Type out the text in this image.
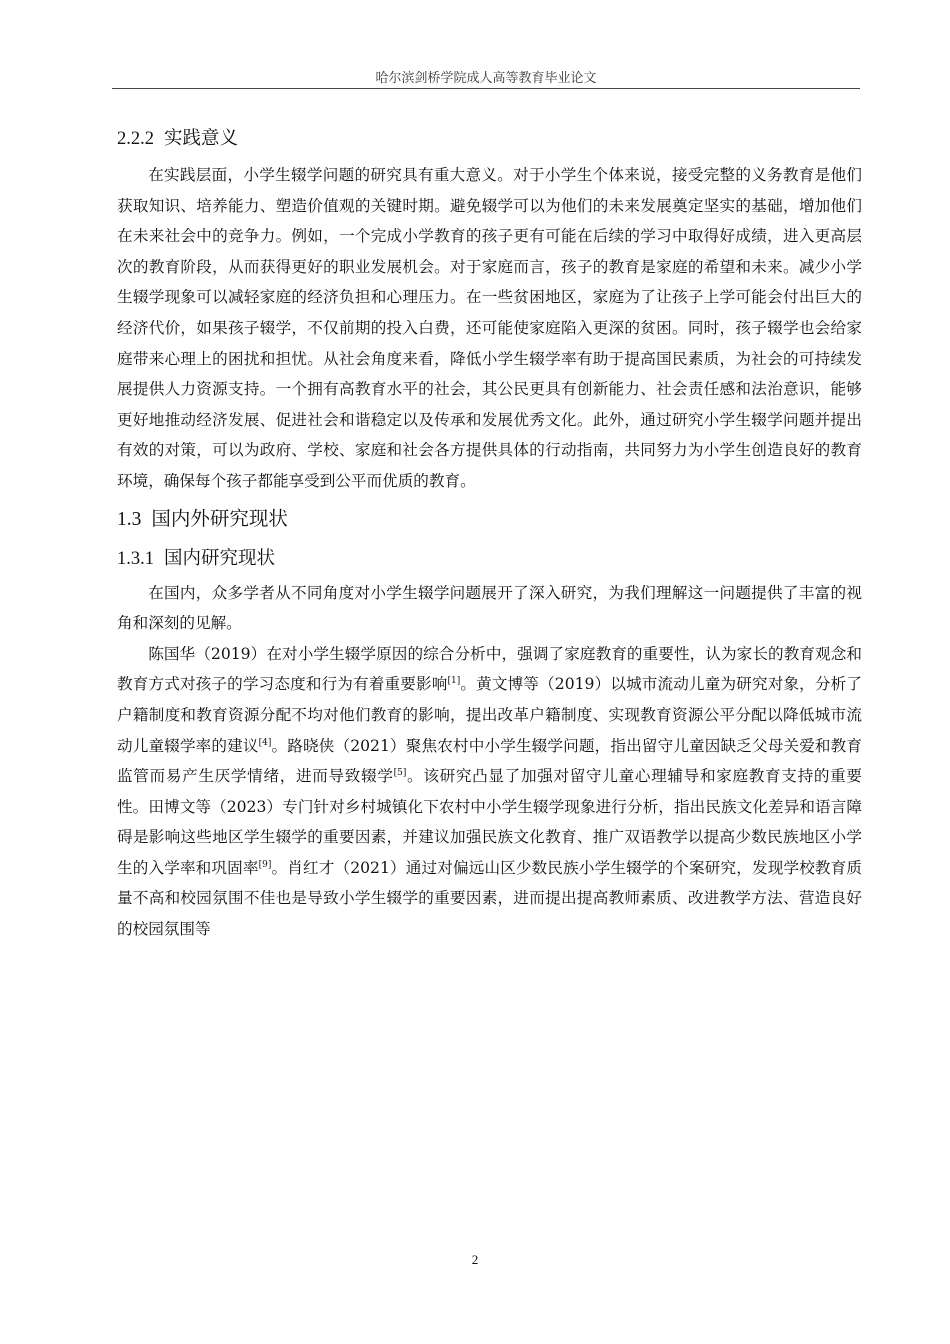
哈尔滨剑桥学院成人高等教育毕业论文
2.2.2 实践意义

在实践层面，小学生辍学问题的研究具有重大意义。对于小学生个体来说，接受完整的义务教育是他们获取知识、培养能力、塑造价值观的关键时期。避免辍学可以为他们的未来发展奠定坚实的基础，增加他们在未来社会中的竞争力。例如，一个完成小学教育的孩子更有可能在后续的学习中取得好成绩，进入更高层次的教育阶段，从而获得更好的职业发展机会。对于家庭而言，孩子的教育是家庭的希望和未来。减少小学生辍学现象可以减轻家庭的经济负担和心理压力。在一些贫困地区，家庭为了让孩子上学可能会付出巨大的经济代价，如果孩子辍学，不仅前期的投入白费，还可能使家庭陷入更深的贫困。同时，孩子辍学也会给家庭带来心理上的困扰和担忧。从社会角度来看，降低小学生辍学率有助于提高国民素质，为社会的可持续发展提供人力资源支持。一个拥有高教育水平的社会，其公民更具有创新能力、社会责任感和法治意识，能够更好地推动经济发展、促进社会和谐稳定以及传承和发展优秀文化。此外，通过研究小学生辍学问题并提出有效的对策，可以为政府、学校、家庭和社会各方提供具体的行动指南，共同努力为小学生创造良好的教育环境，确保每个孩子都能享受到公平而优质的教育。

1.3 国内外研究现状
1.3.1 国内研究现状

在国内，众多学者从不同角度对小学生辍学问题展开了深入研究，为我们理解这一问题提供了丰富的视角和深刻的见解。

陈国华（2019）在对小学生辍学原因的综合分析中，强调了家庭教育的重要性，认为家长的教育观念和教育方式对孩子的学习态度和行为有着重要影响[1]。黄文博等（2019）以城市流动儿童为研究对象，分析了户籍制度和教育资源分配不均对他们教育的影响，提出改革户籍制度、实现教育资源公平分配以降低城市流动儿童辍学率的建议[4]。路晓侠（2021）聚焦农村中小学生辍学问题，指出留守儿童因缺乏父母关爱和教育监管而易产生厌学情绪，进而导致辍学[5]。该研究凸显了加强对留守儿童心理辅导和家庭教育支持的重要性。田博文等（2023）专门针对乡村城镇化下农村中小学生辍学现象进行分析，指出民族文化差异和语言障碍是影响这些地区学生辍学的重要因素，并建议加强民族文化教育、推广双语教学以提高少数民族地区小学生的入学率和巩固率[9]。肖红才（2021）通过对偏远山区少数民族小学生辍学的个案研究，发现学校教育质量不高和校园氛围不佳也是导致小学生辍学的重要因素，进而提出提高教师素质、改进教学方法、营造良好的校园氛围等

2
